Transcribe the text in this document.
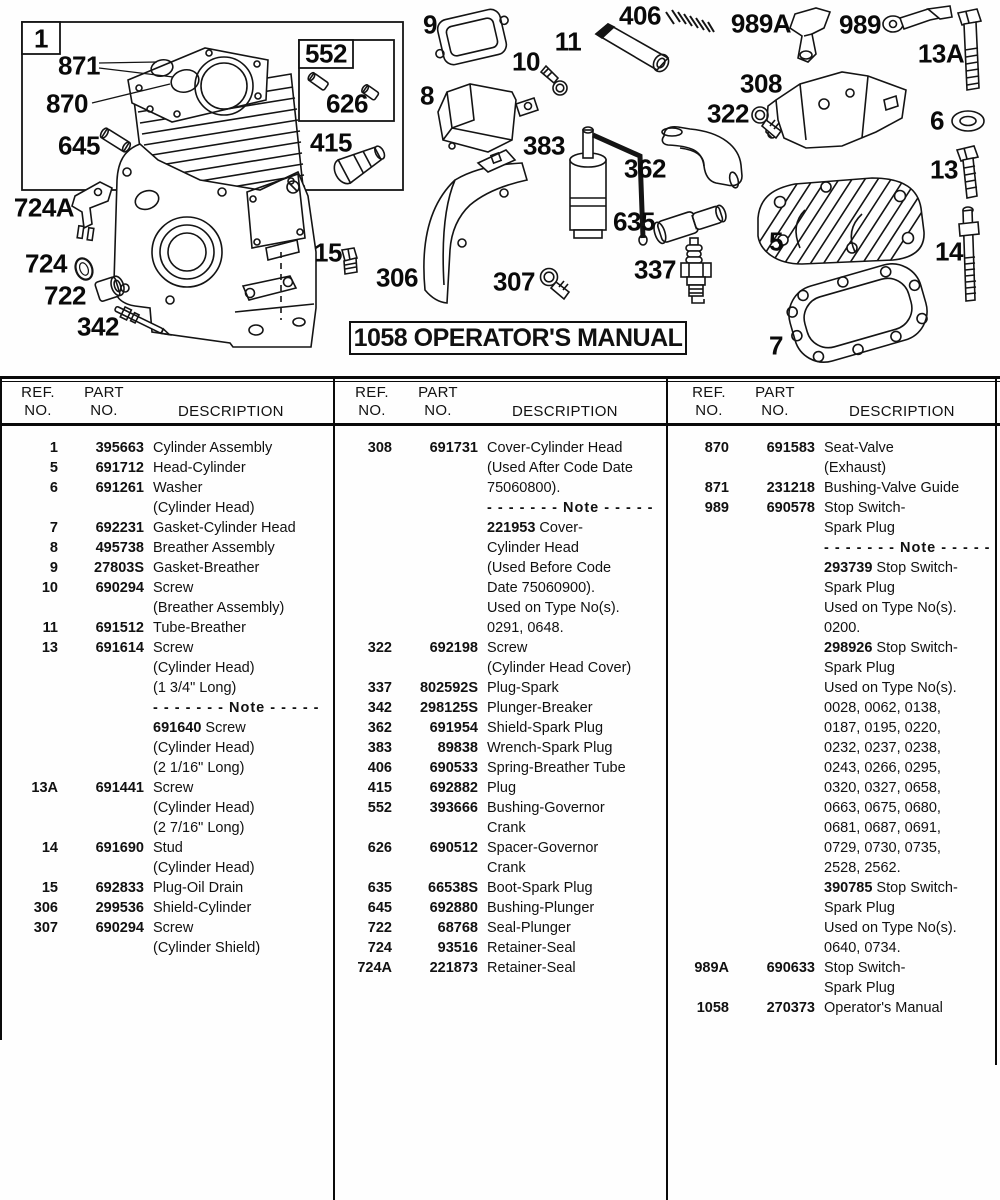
1
871
870
645
724A
724
722
342
552
626
415
15
9
8
10
11
406
383
306	307
362
635
337
989A 989
13A
308
322	6
13
5	14
7
1058 OPERATOR'S MANUAL
REF.
NO.
PART
NO.	DESCRIPTION
1	395663 Cylinder Assembly
5	691712 Head-Cylinder
6	691261 Washer
(Cylinder Head)
7	692231 Gasket-Cylinder Head
8	495738 Breather Assembly
9	27803S Gasket-Breather
10	690294 Screw
(Breather Assembly)
11	691512 Tube-Breather
13	691614 Screw
(Cylinder Head)
(1 3/4" Long)
- - - - - - - Note - - - - -
691640 Screw
(Cylinder Head)
(2 1/16" Long)
13A	691441 Screw
(Cylinder Head)
(2 7/16" Long)
14	691690 Stud
(Cylinder Head)
15	692833 Plug-Oil Drain
306	299536 Shield-Cylinder
307	690294 Screw
(Cylinder Shield)
REF.
NO.
PART
NO.	DESCRIPTION
308	691731 Cover-Cylinder Head
(Used After Code Date
75060800).
- - - - - - - Note - - - - -
221953 Cover-
Cylinder Head
(Used Before Code
Date 75060900).
Used on Type No(s).
0291, 0648.
322	692198 Screw
(Cylinder Head Cover)
337	802592S Plug-Spark
342	298125S Plunger-Breaker
362	691954 Shield-Spark Plug
383	89838 Wrench-Spark Plug
406	690533 Spring-Breather Tube
415	692882 Plug
552	393666 Bushing-Governor
Crank
626	690512 Spacer-Governor
Crank
635	66538S Boot-Spark Plug
645	692880 Bushing-Plunger
722	68768 Seal-Plunger
724	93516 Retainer-Seal
724A	221873 Retainer-Seal
REF.
NO.
PART
NO.	DESCRIPTION
870	691583 Seat-Valve
(Exhaust)
871	231218 Bushing-Valve Guide
989	690578 Stop Switch-
Spark Plug
- - - - - - - Note - - - - -
293739 Stop Switch-
Spark Plug
Used on Type No(s).
0200.
298926 Stop Switch-
Spark Plug
Used on Type No(s).
0028, 0062, 0138,
0187, 0195, 0220,
0232, 0237, 0238,
0243, 0266, 0295,
0320, 0327, 0658,
0663, 0675, 0680,
0681, 0687, 0691,
0729, 0730, 0735,
2528, 2562.
390785 Stop Switch-
Spark Plug
Used on Type No(s).
0640, 0734.
989A	690633 Stop Switch-
Spark Plug
1058	270373 Operator's Manual
